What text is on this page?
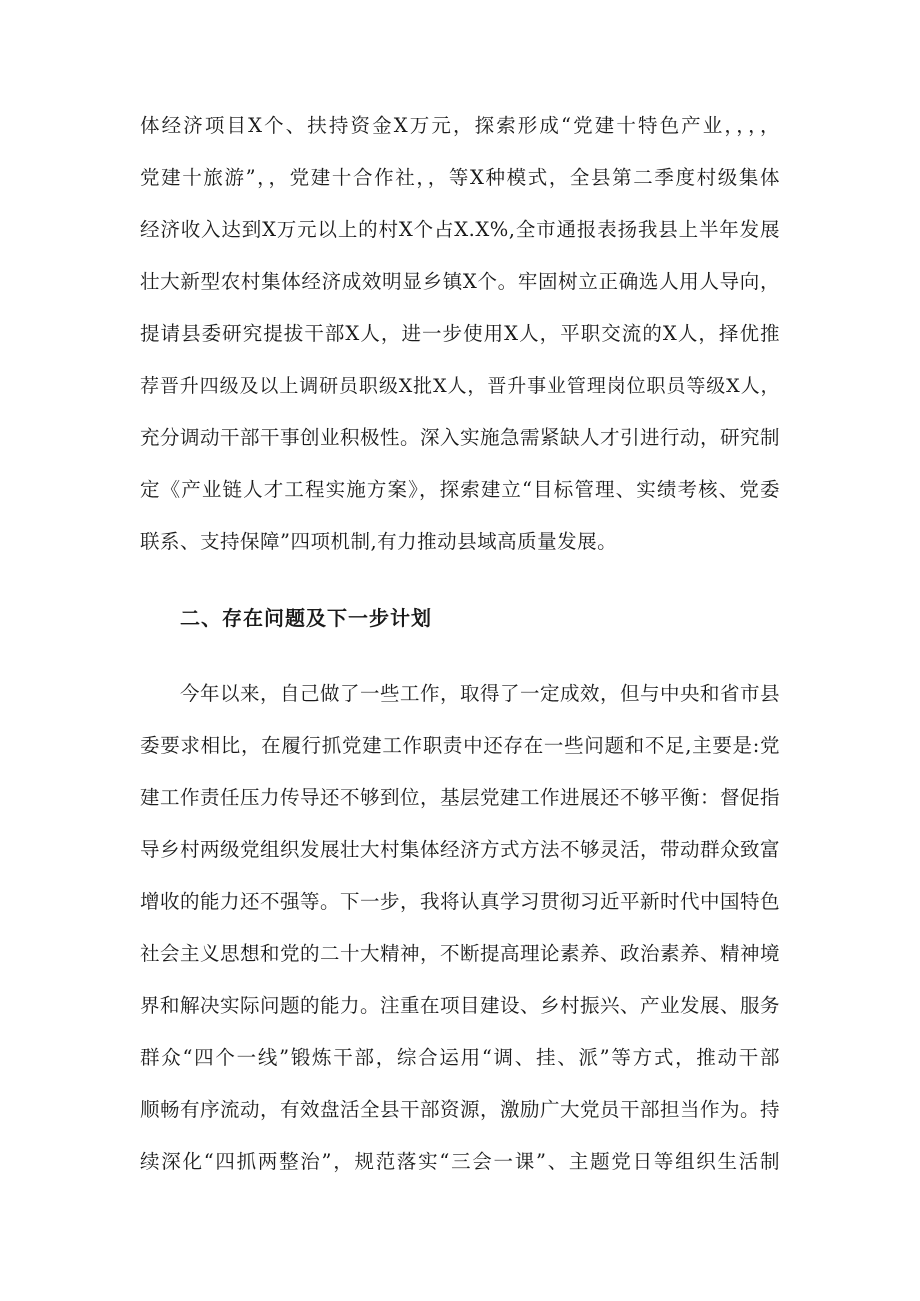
体经济项目X个、扶持资金X万元，探索形成“党建十特色产业，，，，
党建十旅游”，，党建十合作社，，等X种模式，全县第二季度村级集体
经济收入达到X万元以上的村X个占X.X%,全市通报表扬我县上半年发展
壮大新型农村集体经济成效明显乡镇X个。牢固树立正确选人用人导向，
提请县委研究提拔干部X人，进一步使用X人，平职交流的X人，择优推
荐晋升四级及以上调研员职级X批X人，晋升事业管理岗位职员等级X人，
充分调动干部干事创业积极性。深入实施急需紧缺人才引进行动，研究制
定《产业链人才工程实施方案》，探索建立“目标管理、实绩考核、党委
联系、支持保障”四项机制,有力推动县域高质量发展。
二、存在问题及下一步计划
今年以来，自己做了一些工作，取得了一定成效，但与中央和省市县
委要求相比，在履行抓党建工作职责中还存在一些问题和不足,主要是:党
建工作责任压力传导还不够到位，基层党建工作进展还不够平衡：督促指
导乡村两级党组织发展壮大村集体经济方式方法不够灵活，带动群众致富
增收的能力还不强等。下一步，我将认真学习贯彻习近平新时代中国特色
社会主义思想和党的二十大精神，不断提高理论素养、政治素养、精神境
界和解决实际问题的能力。注重在项目建设、乡村振兴、产业发展、服务
群众“四个一线”锻炼干部，综合运用“调、挂、派”等方式，推动干部
顺畅有序流动，有效盘活全县干部资源，激励广大党员干部担当作为。持
续深化“四抓两整治”，规范落实“三会一课”、主题党日等组织生活制
